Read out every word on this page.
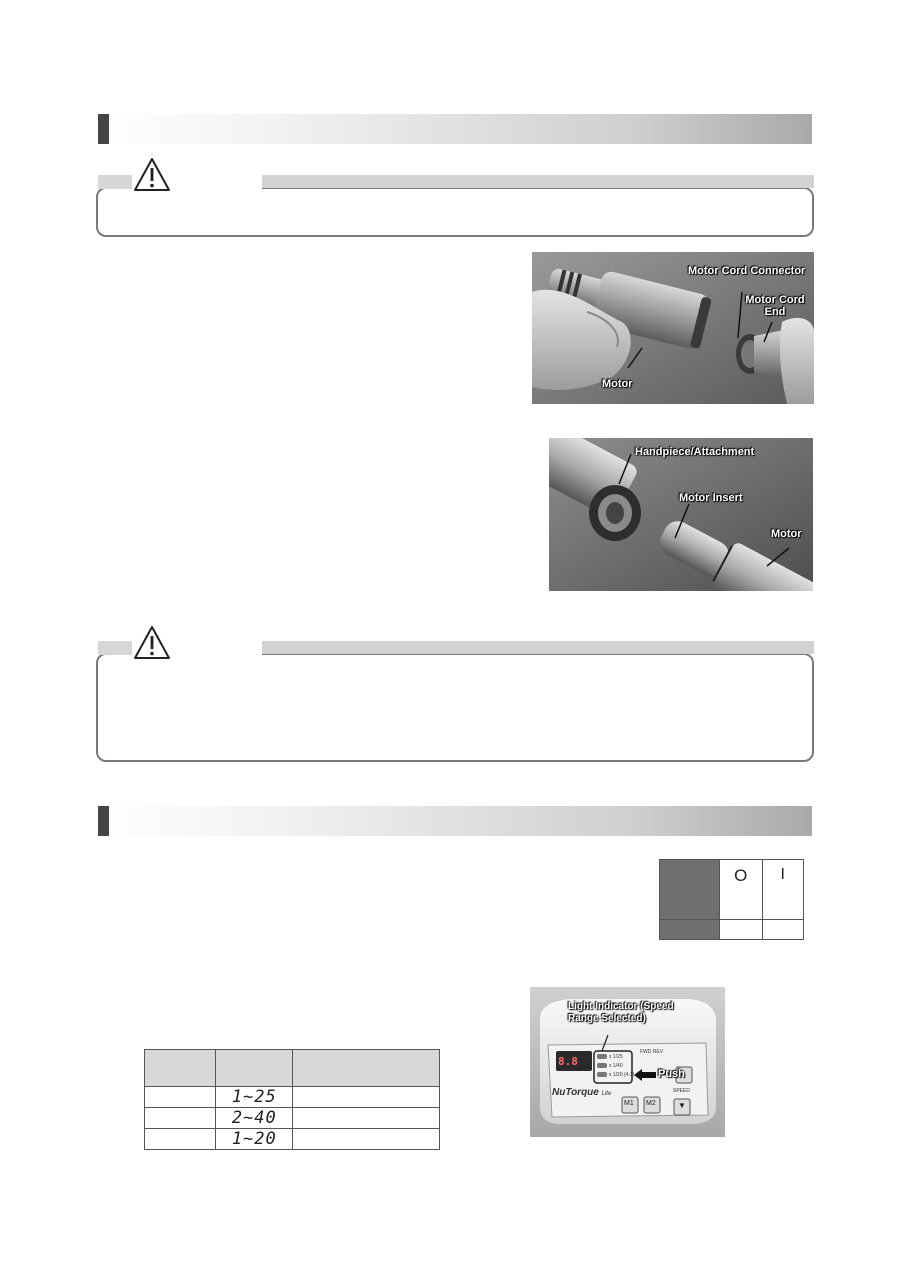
Motor Cord Connector
Motor Cord End
Motor
Handpiece/Attachment
Motor Insert
Motor
	O	I

	1~25	
	2~40	
	1~20	
Light Indicator (Speed Range Selected)
8.8	x 1/25
x 1/40
x 1/20 (4:1)
FWD REV
Push
NuTorque Lite
M1 M2	▼
SPEED
